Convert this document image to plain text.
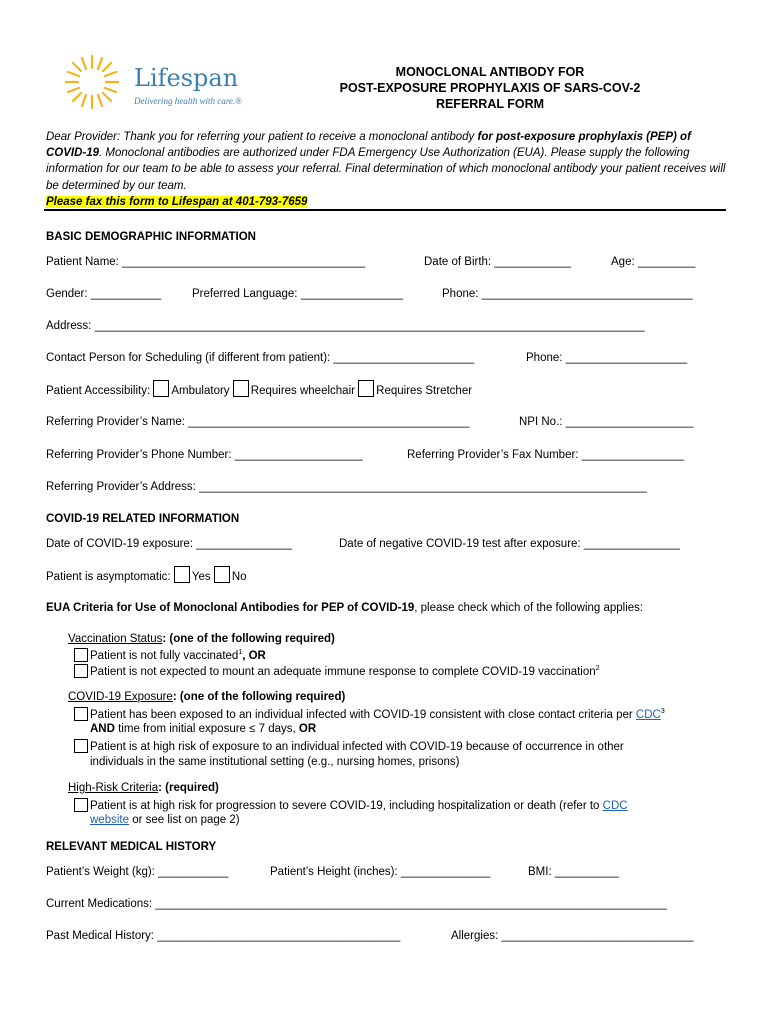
Lifespan
Delivering health with care.®
MONOCLONAL ANTIBODY FOR
POST-EXPOSURE PROPHYLAXIS OF SARS-COV-2
REFERRAL FORM
Dear Provider: Thank you for referring your patient to receive a monoclonal antibody for post-exposure prophylaxis (PEP) of COVID-19. Monoclonal antibodies are authorized under FDA Emergency Use Authorization (EUA). Please supply the following information for our team to be able to assess your referral. Final determination of which monoclonal antibody your patient receives will be determined by our team.
Please fax this form to Lifespan at 401-793-7659
BASIC DEMOGRAPHIC INFORMATION
Patient Name: ______________________________________	Date of Birth: ____________	Age: _________
Gender: ___________	Preferred Language: ________________	Phone: _________________________________
Address: ______________________________________________________________________________________
Contact Person for Scheduling (if different from patient): ______________________	Phone: ___________________
Patient Accessibility: Ambulatory Requires wheelchair Requires Stretcher
Referring Provider’s Name: ____________________________________________	NPI No.: ____________________
Referring Provider’s Phone Number: ____________________	Referring Provider’s Fax Number: ________________
Referring Provider’s Address: ______________________________________________________________________
COVID-19 RELATED INFORMATION
Date of COVID-19 exposure: _______________	Date of negative COVID-19 test after exposure: _______________
Patient is asymptomatic: Yes No
EUA Criteria for Use of Monoclonal Antibodies for PEP of COVID-19, please check which of the following applies:
Vaccination Status: (one of the following required)
Patient is not fully vaccinated$^1$, OR
Patient is not expected to mount an adequate immune response to complete COVID-19 vaccination$^2$
COVID-19 Exposure: (one of the following required)
Patient has been exposed to an individual infected with COVID-19 consistent with close contact criteria per CDC$^3$
AND time from initial exposure ≤ 7 days, OR
Patient is at high risk of exposure to an individual infected with COVID-19 because of occurrence in other
individuals in the same institutional setting (e.g., nursing homes, prisons)
High-Risk Criteria: (required)
Patient is at high risk for progression to severe COVID-19, including hospitalization or death (refer to CDC
website or see list on page 2)
RELEVANT MEDICAL HISTORY
Patient’s Weight (kg): ___________	Patient’s Height (inches): ______________	BMI: __________
Current Medications: ________________________________________________________________________________
Past Medical History: ______________________________________	Allergies: ______________________________
